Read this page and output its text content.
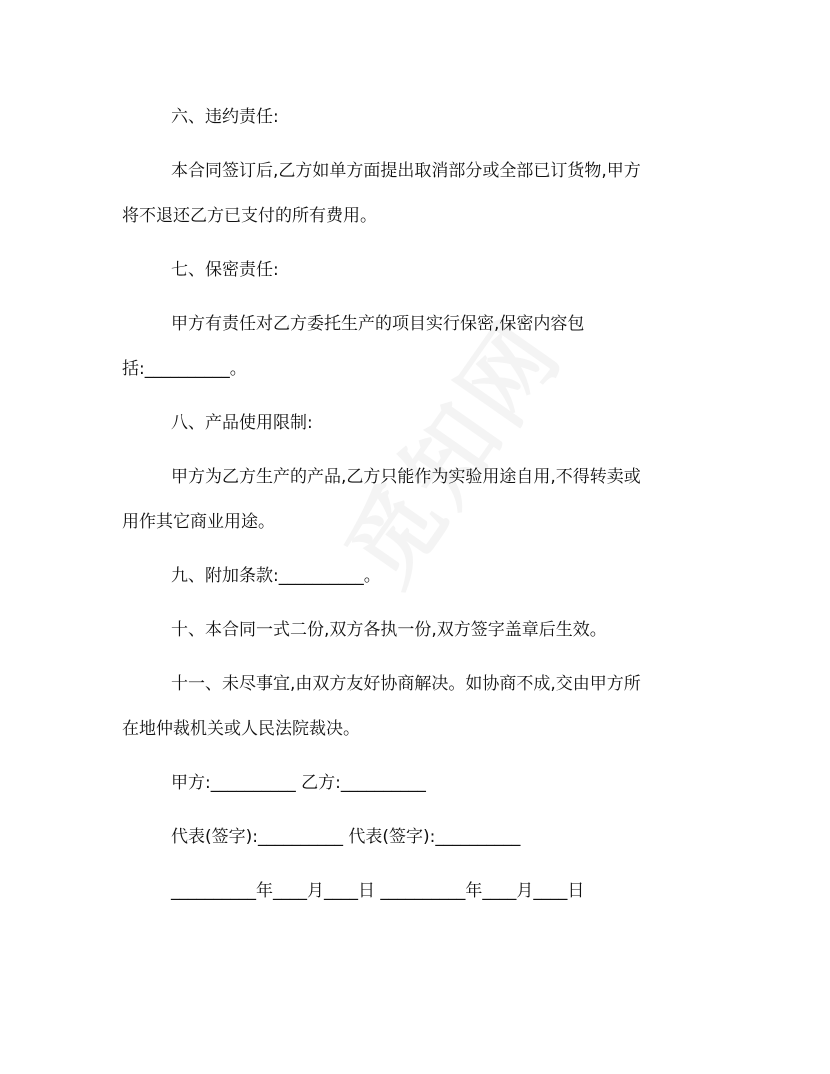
六、违约责任:
本合同签订后,乙方如单方面提出取消部分或全部已订货物,甲方
将不退还乙方已支付的所有费用。
七、保密责任:
甲方有责任对乙方委托生产的项目实行保密,保密内容包
括:__________。
八、产品使用限制:
甲方为乙方生产的产品,乙方只能作为实验用途自用,不得转卖或
用作其它商业用途。
九、附加条款:__________。
十、本合同一式二份,双方各执一份,双方签字盖章后生效。
十一、未尽事宜,由双方友好协商解决。如协商不成,交由甲方所
在地仲裁机关或人民法院裁决。
甲方:__________ 乙方:__________
代表(签字):__________ 代表(签字):__________
__________年____月____日 __________年____月____日
